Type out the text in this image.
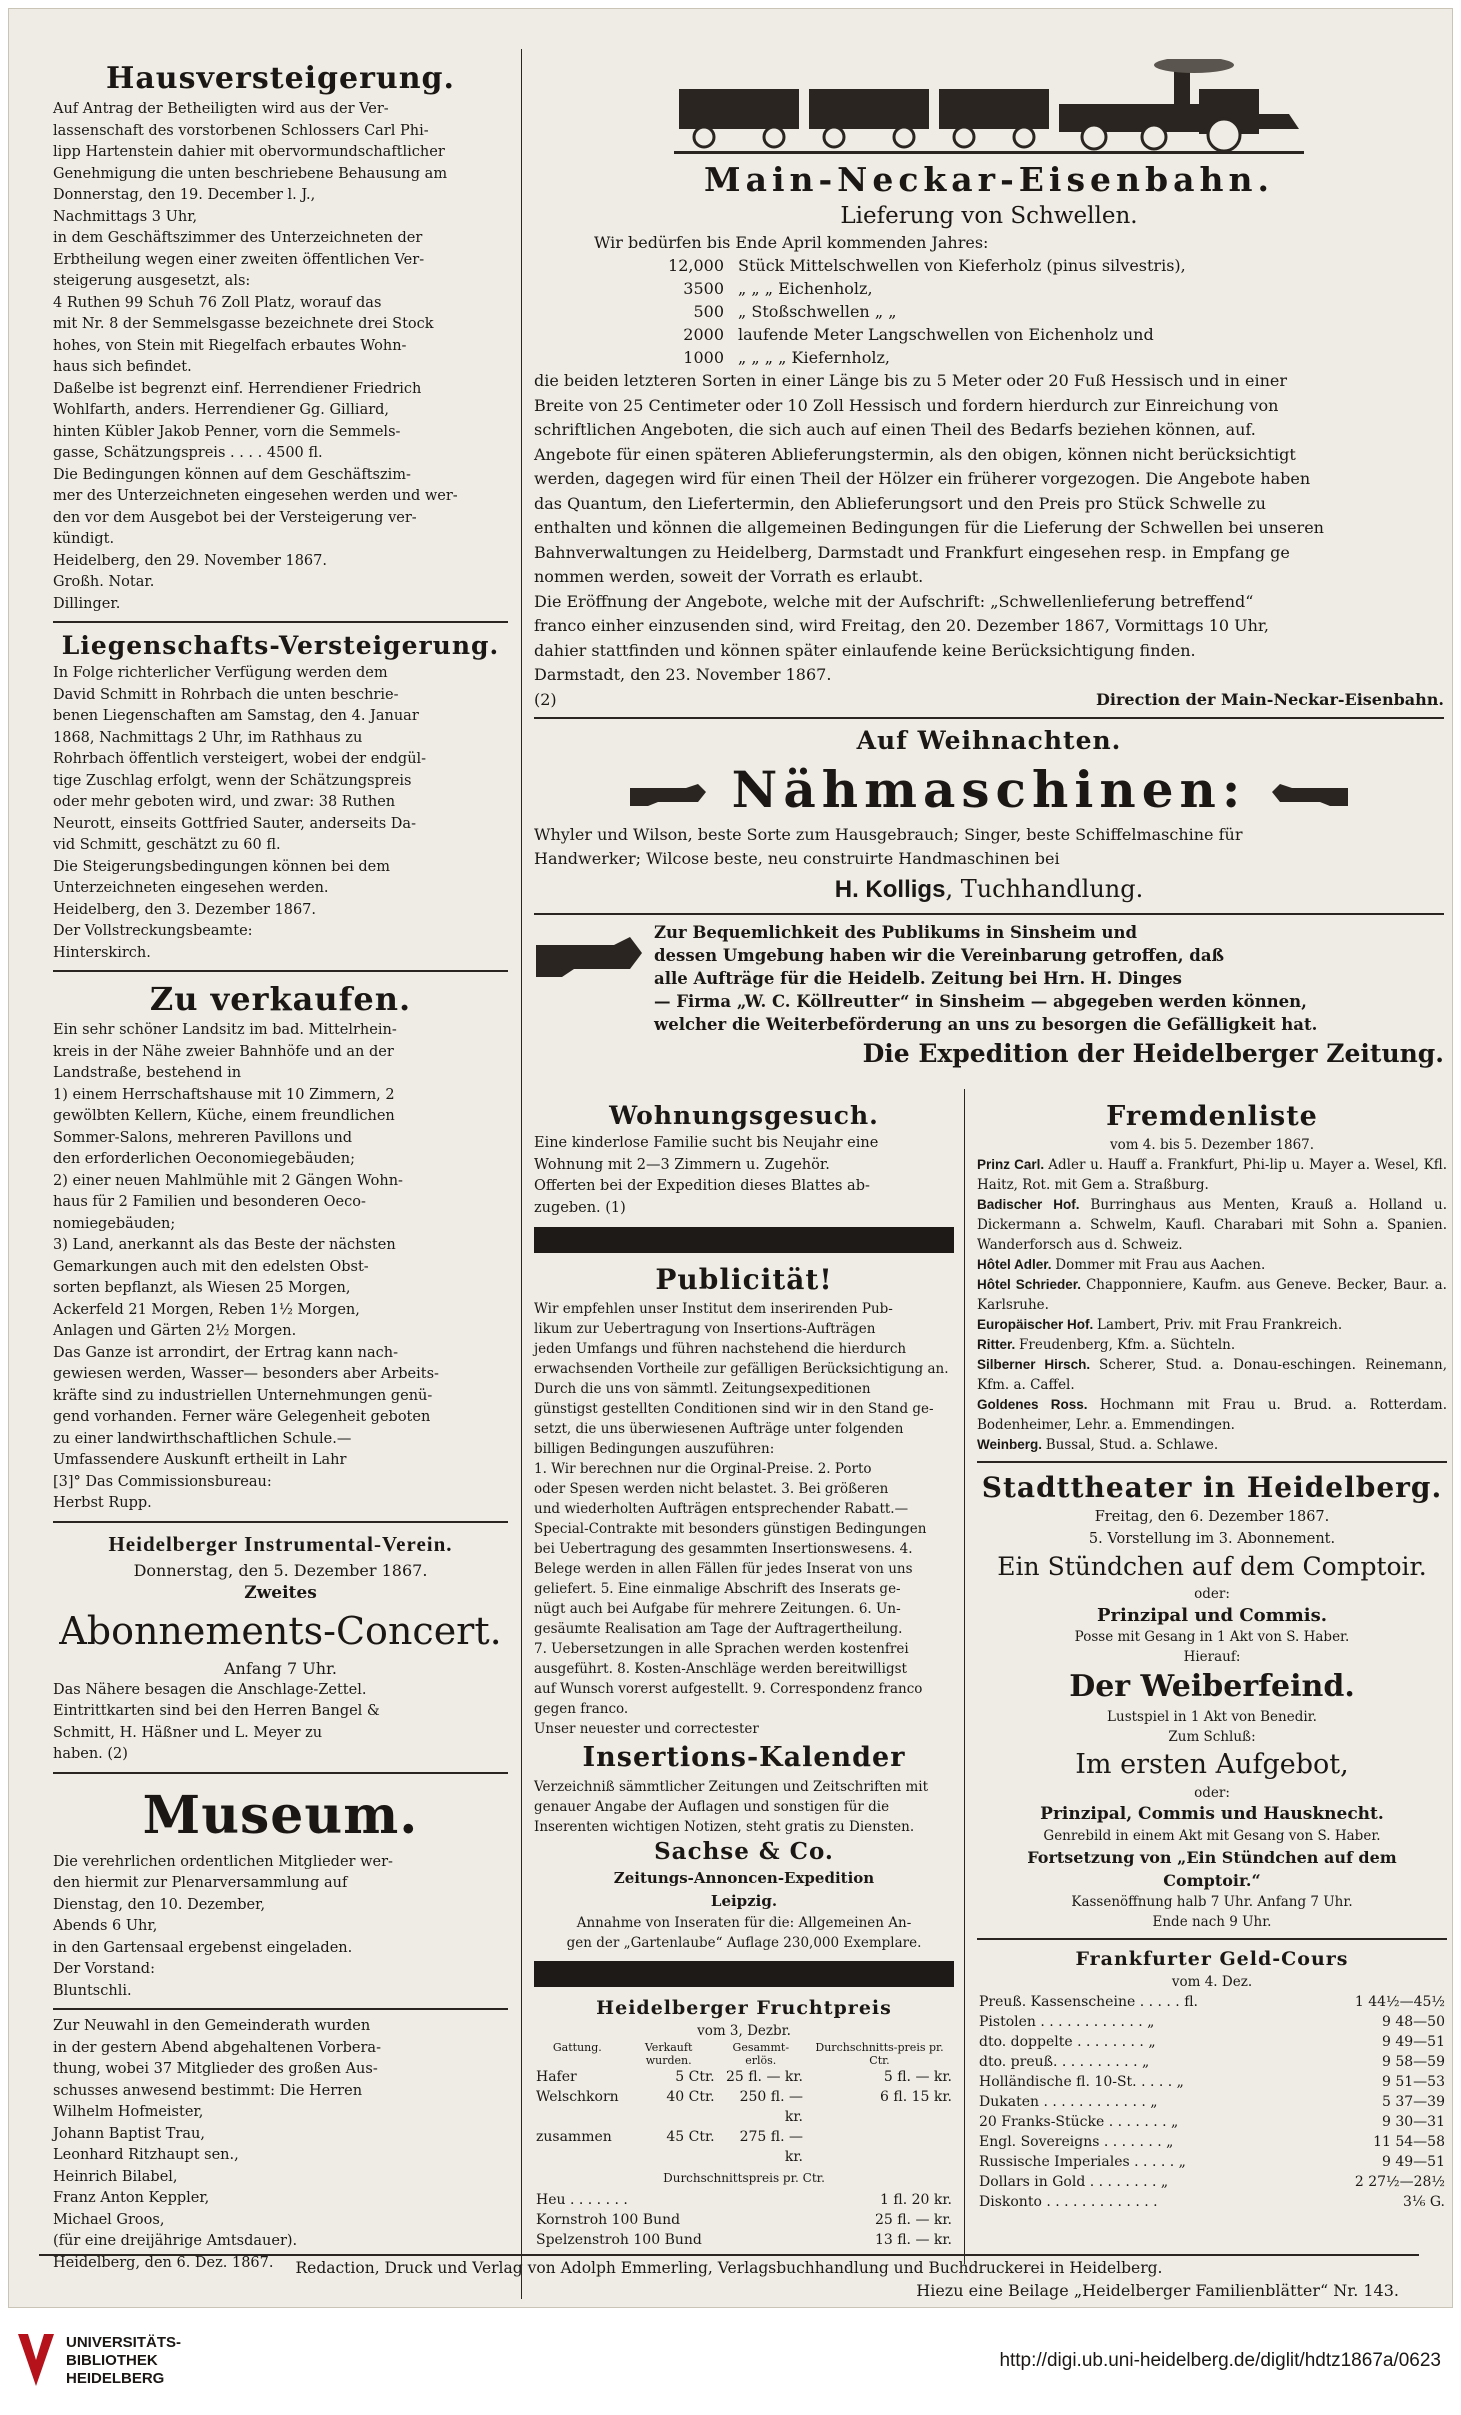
Hausversteigerung.
Auf Antrag der Betheiligten wird aus der Ver-
lassenschaft des vorstorbenen Schlossers Carl Phi-
lipp Hartenstein dahier mit obervormundschaftlicher
Genehmigung die unten beschriebene Behausung am
Donnerstag, den 19. December l. J.,
Nachmittags 3 Uhr,
in dem Geschäftszimmer des Unterzeichneten der
Erbtheilung wegen einer zweiten öffentlichen Ver-
steigerung ausgesetzt, als:
4 Ruthen 99 Schuh 76 Zoll Platz, worauf das
mit Nr. 8 der Semmelsgasse bezeichnete drei Stock
hohes, von Stein mit Riegelfach erbautes Wohn-
haus sich befindet.
Daßelbe ist begrenzt einf. Herrendiener Friedrich
Wohlfarth, anders. Herrendiener Gg. Gilliard,
hinten Kübler Jakob Penner, vorn die Semmels-
gasse, Schätzungspreis . . . . 4500 fl.
Die Bedingungen können auf dem Geschäftszim-
mer des Unterzeichneten eingesehen werden und wer-
den vor dem Ausgebot bei der Versteigerung ver-
kündigt.
Heidelberg, den 29. November 1867.
Großh. Notar.
Dillinger.
Liegenschafts-Versteigerung.
In Folge richterlicher Verfügung werden dem
David Schmitt in Rohrbach die unten beschrie-
benen Liegenschaften am Samstag, den 4. Januar
1868, Nachmittags 2 Uhr, im Rathhaus zu
Rohrbach öffentlich versteigert, wobei der endgül-
tige Zuschlag erfolgt, wenn der Schätzungspreis
oder mehr geboten wird, und zwar: 38 Ruthen
Neurott, einseits Gottfried Sauter, anderseits Da-
vid Schmitt, geschätzt zu 60 fl.
Die Steigerungsbedingungen können bei dem
Unterzeichneten eingesehen werden.
Heidelberg, den 3. Dezember 1867.
Der Vollstreckungsbeamte:
Hinterskirch.
Zu verkaufen.
Ein sehr schöner Landsitz im bad. Mittelrhein-
kreis in der Nähe zweier Bahnhöfe und an der
Landstraße, bestehend in
1) einem Herrschaftshause mit 10 Zimmern, 2
gewölbten Kellern, Küche, einem freundlichen
Sommer-Salons, mehreren Pavillons und
den erforderlichen Oeconomiegebäuden;
2) einer neuen Mahlmühle mit 2 Gängen Wohn-
haus für 2 Familien und besonderen Oeco-
nomiegebäuden;
3) Land, anerkannt als das Beste der nächsten
Gemarkungen auch mit den edelsten Obst-
sorten bepflanzt, als Wiesen 25 Morgen,
Ackerfeld 21 Morgen, Reben 1½ Morgen,
Anlagen und Gärten 2½ Morgen.
Das Ganze ist arrondirt, der Ertrag kann nach-
gewiesen werden, Wasser— besonders aber Arbeits-
kräfte sind zu industriellen Unternehmungen genü-
gend vorhanden. Ferner wäre Gelegenheit geboten
zu einer landwirthschaftlichen Schule.—
Umfassendere Auskunft ertheilt in Lahr
[3]° Das Commissionsbureau:
Herbst Rupp.
Heidelberger Instrumental-Verein.
Donnerstag, den 5. Dezember 1867.
Zweites
Abonnements-Concert.
Anfang 7 Uhr.
Das Nähere besagen die Anschlage-Zettel.
Eintrittkarten sind bei den Herren Bangel &
Schmitt, H. Häßner und L. Meyer zu
haben. (2)
Museum.
Die verehrlichen ordentlichen Mitglieder wer-
den hiermit zur Plenarversammlung auf
Dienstag, den 10. Dezember,
Abends 6 Uhr,
in den Gartensaal ergebenst eingeladen.
Der Vorstand:
Bluntschli.
Zur Neuwahl in den Gemeinderath wurden
in der gestern Abend abgehaltenen Vorbera-
thung, wobei 37 Mitglieder des großen Aus-
schusses anwesend bestimmt: Die Herren
Wilhelm Hofmeister,
Johann Baptist Trau,
Leonhard Ritzhaupt sen.,
Heinrich Bilabel,
Franz Anton Keppler,
Michael Groos,
(für eine dreijährige Amtsdauer).
Heidelberg, den 6. Dez. 1867.
Main-Neckar-Eisenbahn.
Lieferung von Schwellen.
Wir bedürfen bis Ende April kommenden Jahres:
12,000 Stück Mittelschwellen von Kieferholz (pinus silvestris),
3500 „ „ „ Eichenholz,
500 „ Stoßschwellen „ „
2000 laufende Meter Langschwellen von Eichenholz und
1000 „ „ „ „ Kiefernholz,
die beiden letzteren Sorten in einer Länge bis zu 5 Meter oder 20 Fuß Hessisch und in einer
Breite von 25 Centimeter oder 10 Zoll Hessisch und fordern hierdurch zur Einreichung von
schriftlichen Angeboten, die sich auch auf einen Theil des Bedarfs beziehen können, auf.
Angebote für einen späteren Ablieferungstermin, als den obigen, können nicht berücksichtigt
werden, dagegen wird für einen Theil der Hölzer ein früherer vorgezogen. Die Angebote haben
das Quantum, den Liefertermin, den Ablieferungsort und den Preis pro Stück Schwelle zu
enthalten und können die allgemeinen Bedingungen für die Lieferung der Schwellen bei unseren
Bahnverwaltungen zu Heidelberg, Darmstadt und Frankfurt eingesehen resp. in Empfang ge
nommen werden, soweit der Vorrath es erlaubt.
Die Eröffnung der Angebote, welche mit der Aufschrift: „Schwellenlieferung betreffend“
franco einher einzusenden sind, wird Freitag, den 20. Dezember 1867, Vormittags 10 Uhr,
dahier stattfinden und können später einlaufende keine Berücksichtigung finden.
Darmstadt, den 23. November 1867.
(2)	Direction der Main-Neckar-Eisenbahn.
Auf Weihnachten.
Nähmaschinen:
Whyler und Wilson, beste Sorte zum Hausgebrauch; Singer, beste Schiffelmaschine für
Handwerker; Wilcose beste, neu construirte Handmaschinen bei
H. Kolligs, Tuchhandlung.
Zur Bequemlichkeit des Publikums in Sinsheim und
dessen Umgebung haben wir die Vereinbarung getroffen, daß
alle Aufträge für die Heidelb. Zeitung bei Hrn. H. Dinges
— Firma „W. C. Köllreutter“ in Sinsheim — abgegeben werden können,
welcher die Weiterbeförderung an uns zu besorgen die Gefälligkeit hat.
Die Expedition der Heidelberger Zeitung.
Wohnungsgesuch.
Eine kinderlose Familie sucht bis Neujahr eine
Wohnung mit 2—3 Zimmern u. Zugehör.
Offerten bei der Expedition dieses Blattes ab-
zugeben. (1)
Publicität!
Wir empfehlen unser Institut dem inserirenden Pub-
likum zur Uebertragung von Insertions-Aufträgen
jeden Umfangs und führen nachstehend die hierdurch
erwachsenden Vortheile zur gefälligen Berücksichtigung an.
Durch die uns von sämmtl. Zeitungsexpeditionen
günstigst gestellten Conditionen sind wir in den Stand ge-
setzt, die uns überwiesenen Aufträge unter folgenden
billigen Bedingungen auszuführen:
1. Wir berechnen nur die Orginal-Preise. 2. Porto
oder Spesen werden nicht belastet. 3. Bei größeren
und wiederholten Aufträgen entsprechender Rabatt.—
Special-Contrakte mit besonders günstigen Bedingungen
bei Uebertragung des gesammten Insertionswesens. 4.
Belege werden in allen Fällen für jedes Inserat von uns
geliefert. 5. Eine einmalige Abschrift des Inserats ge-
nügt auch bei Aufgabe für mehrere Zeitungen. 6. Un-
gesäumte Realisation am Tage der Auftragertheilung.
7. Uebersetzungen in alle Sprachen werden kostenfrei
ausgeführt. 8. Kosten-Anschläge werden bereitwilligst
auf Wunsch vorerst aufgestellt. 9. Correspondenz franco
gegen franco.
Unser neuester und correctester
Insertions-Kalender
Verzeichniß sämmtlicher Zeitungen und Zeitschriften mit
genauer Angabe der Auflagen und sonstigen für die
Inserenten wichtigen Notizen, steht gratis zu Diensten.
Sachse & Co.
Zeitungs-Annoncen-Expedition
Leipzig.
Annahme von Inseraten für die: Allgemeinen An-
gen der „Gartenlaube“ Auflage 230,000 Exemplare.
Heidelberger Fruchtpreis
vom 3, Dezbr.
Gattung.	Verkauft wurden.	Gesammt-erlös.	Durchschnitts-preis pr. Ctr.
Hafer	5 Ctr.	25 fl. — kr.	5 fl. — kr.
Welschkorn	40 Ctr.	250 fl. — kr.	6 fl. 15 kr.
zusammen	45 Ctr.	275 fl. — kr.	
Durchschnittspreis pr. Ctr.
Heu . . . . . . .		1 fl. 20 kr.
Kornstroh 100 Bund		25 fl. — kr.
Spelzenstroh 100 Bund		13 fl. — kr.
Fremdenliste
vom 4. bis 5. Dezember 1867.
Prinz Carl. Adler u. Hauff a. Frankfurt, Phi-lip u. Mayer a. Wesel, Kfl. Haitz, Rot. mit Gem a. Straßburg.
Badischer Hof. Burringhaus aus Menten, Krauß a. Holland u. Dickermann a. Schwelm, Kaufl. Charabari mit Sohn a. Spanien. Wanderforsch aus d. Schweiz.
Hôtel Adler. Dommer mit Frau aus Aachen.
Hôtel Schrieder. Chapponniere, Kaufm. aus Geneve. Becker, Baur. a. Karlsruhe.
Europäischer Hof. Lambert, Priv. mit Frau Frankreich.
Ritter. Freudenberg, Kfm. a. Süchteln.
Silberner Hirsch. Scherer, Stud. a. Donau-eschingen. Reinemann, Kfm. a. Caffel.
Goldenes Ross. Hochmann mit Frau u. Brud. a. Rotterdam. Bodenheimer, Lehr. a. Emmendingen.
Weinberg. Bussal, Stud. a. Schlawe.
Stadttheater in Heidelberg.
Freitag, den 6. Dezember 1867.
5. Vorstellung im 3. Abonnement.
Ein Stündchen auf dem Comptoir.
oder:
Prinzipal und Commis.
Posse mit Gesang in 1 Akt von S. Haber.
Hierauf:
Der Weiberfeind.
Lustspiel in 1 Akt von Benedir.
Zum Schluß:
Im ersten Aufgebot,
oder:
Prinzipal, Commis und Hausknecht.
Genrebild in einem Akt mit Gesang von S. Haber.
Fortsetzung von „Ein Stündchen auf dem Comptoir.“
Kassenöffnung halb 7 Uhr. Anfang 7 Uhr.
Ende nach 9 Uhr.
Frankfurter Geld-Cours
vom 4. Dez.
Preuß. Kassenscheine . . . . . fl.	1 44½—45½
Pistolen . . . . . . . . . . . . „	9 48—50
dto. doppelte . . . . . . . . „	9 49—51
dto. preuß. . . . . . . . . . „	9 58—59
Holländische fl. 10-St. . . . . „	9 51—53
Dukaten . . . . . . . . . . . . „	5 37—39
20 Franks-Stücke . . . . . . . „	9 30—31
Engl. Sovereigns . . . . . . . „	11 54—58
Russische Imperiales . . . . . „	9 49—51
Dollars in Gold . . . . . . . . „	2 27½—28½
Diskonto . . . . . . . . . . . . .	3⅙ G.
Redaction, Druck und Verlag von Adolph Emmerling, Verlagsbuchhandlung und Buchdruckerei in Heidelberg.
Hiezu eine Beilage „Heidelberger Familienblätter“ Nr. 143.
UNIVERSITÄTS-
BIBLIOTHEK
HEIDELBERG
http://digi.ub.uni-heidelberg.de/diglit/hdtz1867a/0623
